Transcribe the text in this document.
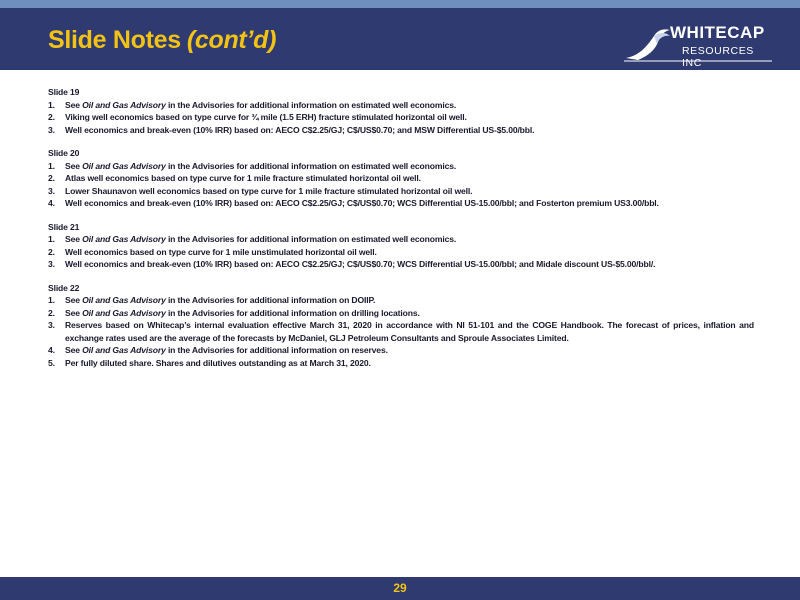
Slide Notes (cont’d)	WHITECAP
RESOURCES INC
Slide 19
1.	See Oil and Gas Advisory in the Advisories for additional information on estimated well economics.
2.	Viking well economics based on type curve for ¾ mile (1.5 ERH) fracture stimulated horizontal oil well.
3.	Well economics and break-even (10% IRR) based on: AECO C$2.25/GJ; C$/US$0.70; and MSW Differential US-$5.00/bbl.
Slide 20
1.	See Oil and Gas Advisory in the Advisories for additional information on estimated well economics.
2.	Atlas well economics based on type curve for 1 mile fracture stimulated horizontal oil well.
3.	Lower Shaunavon well economics based on type curve for 1 mile fracture stimulated horizontal oil well.
4.	Well economics and break-even (10% IRR) based on: AECO C$2.25/GJ; C$/US$0.70; WCS Differential US-15.00/bbl; and Fosterton premium US3.00/bbl.
Slide 21
1.	See Oil and Gas Advisory in the Advisories for additional information on estimated well economics.
2.	Well economics based on type curve for 1 mile unstimulated horizontal oil well.
3.	Well economics and break-even (10% IRR) based on: AECO C$2.25/GJ; C$/US$0.70; WCS Differential US-15.00/bbl; and Midale discount US-$5.00/bbl/.
Slide 22
1.	See Oil and Gas Advisory in the Advisories for additional information on DOIIP.
2.	See Oil and Gas Advisory in the Advisories for additional information on drilling locations.
3.	Reserves based on Whitecap’s internal evaluation effective March 31, 2020 in accordance with NI 51-101 and the COGE Handbook. The forecast of prices, inflation and exchange rates used are the average of the forecasts by McDaniel, GLJ Petroleum Consultants and Sproule Associates Limited.
4.	See Oil and Gas Advisory in the Advisories for additional information on reserves.
5.	Per fully diluted share. Shares and dilutives outstanding as at March 31, 2020.
29
